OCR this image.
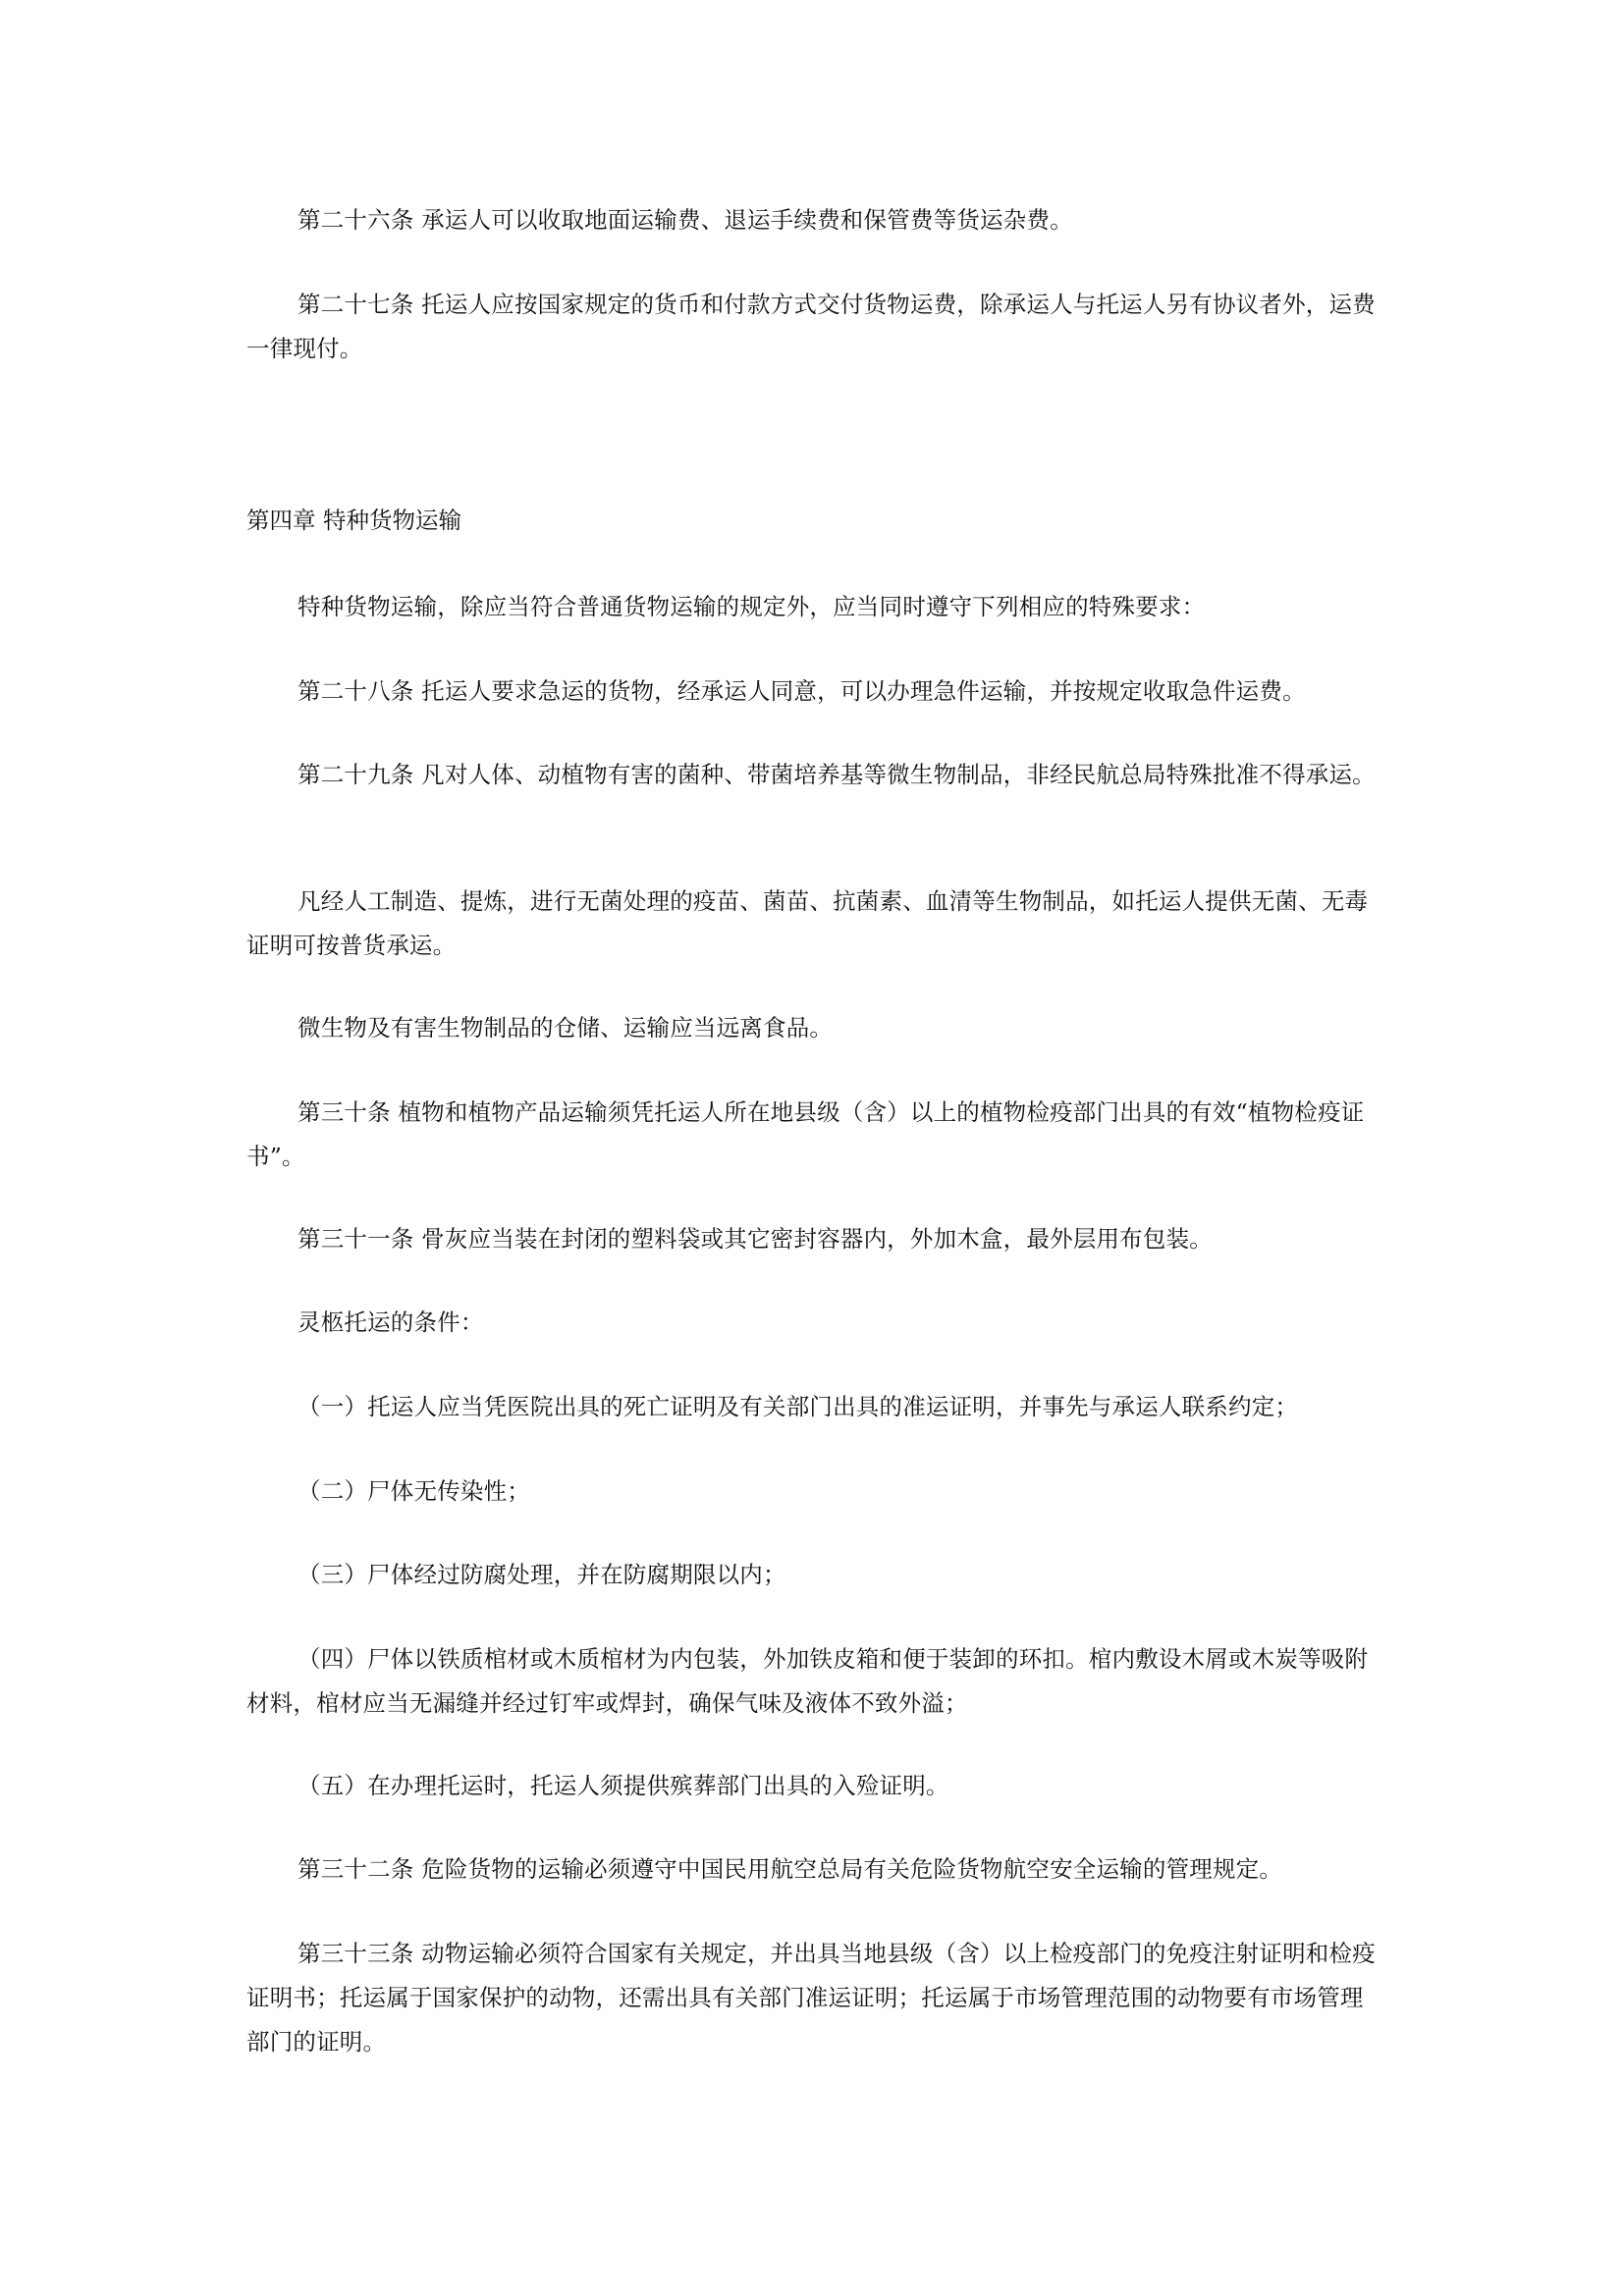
第二十六条 承运人可以收取地面运输费、退运手续费和保管费等货运杂费。

第二十七条 托运人应按国家规定的货币和付款方式交付货物运费，除承运人与托运人另有协议者外，运费一律现付。

第四章 特种货物运输

特种货物运输，除应当符合普通货物运输的规定外，应当同时遵守下列相应的特殊要求：

第二十八条 托运人要求急运的货物，经承运人同意，可以办理急件运输，并按规定收取急件运费。

第二十九条 凡对人体、动植物有害的菌种、带菌培养基等微生物制品，非经民航总局特殊批准不得承运。

凡经人工制造、提炼，进行无菌处理的疫苗、菌苗、抗菌素、血清等生物制品，如托运人提供无菌、无毒证明可按普货承运。

微生物及有害生物制品的仓储、运输应当远离食品。

第三十条 植物和植物产品运输须凭托运人所在地县级（含）以上的植物检疫部门出具的有效“植物检疫证书”。

第三十一条 骨灰应当装在封闭的塑料袋或其它密封容器内，外加木盒，最外层用布包装。

灵柩托运的条件：

（一）托运人应当凭医院出具的死亡证明及有关部门出具的准运证明，并事先与承运人联系约定；

（二）尸体无传染性；

（三）尸体经过防腐处理，并在防腐期限以内；

（四）尸体以铁质棺材或木质棺材为内包装，外加铁皮箱和便于装卸的环扣。棺内敷设木屑或木炭等吸附材料，棺材应当无漏缝并经过钉牢或焊封，确保气味及液体不致外溢；

（五）在办理托运时，托运人须提供殡葬部门出具的入殓证明。

第三十二条 危险货物的运输必须遵守中国民用航空总局有关危险货物航空安全运输的管理规定。

第三十三条 动物运输必须符合国家有关规定，并出具当地县级（含）以上检疫部门的免疫注射证明和检疫证明书；托运属于国家保护的动物，还需出具有关部门准运证明；托运属于市场管理范围的动物要有市场管理部门的证明。
